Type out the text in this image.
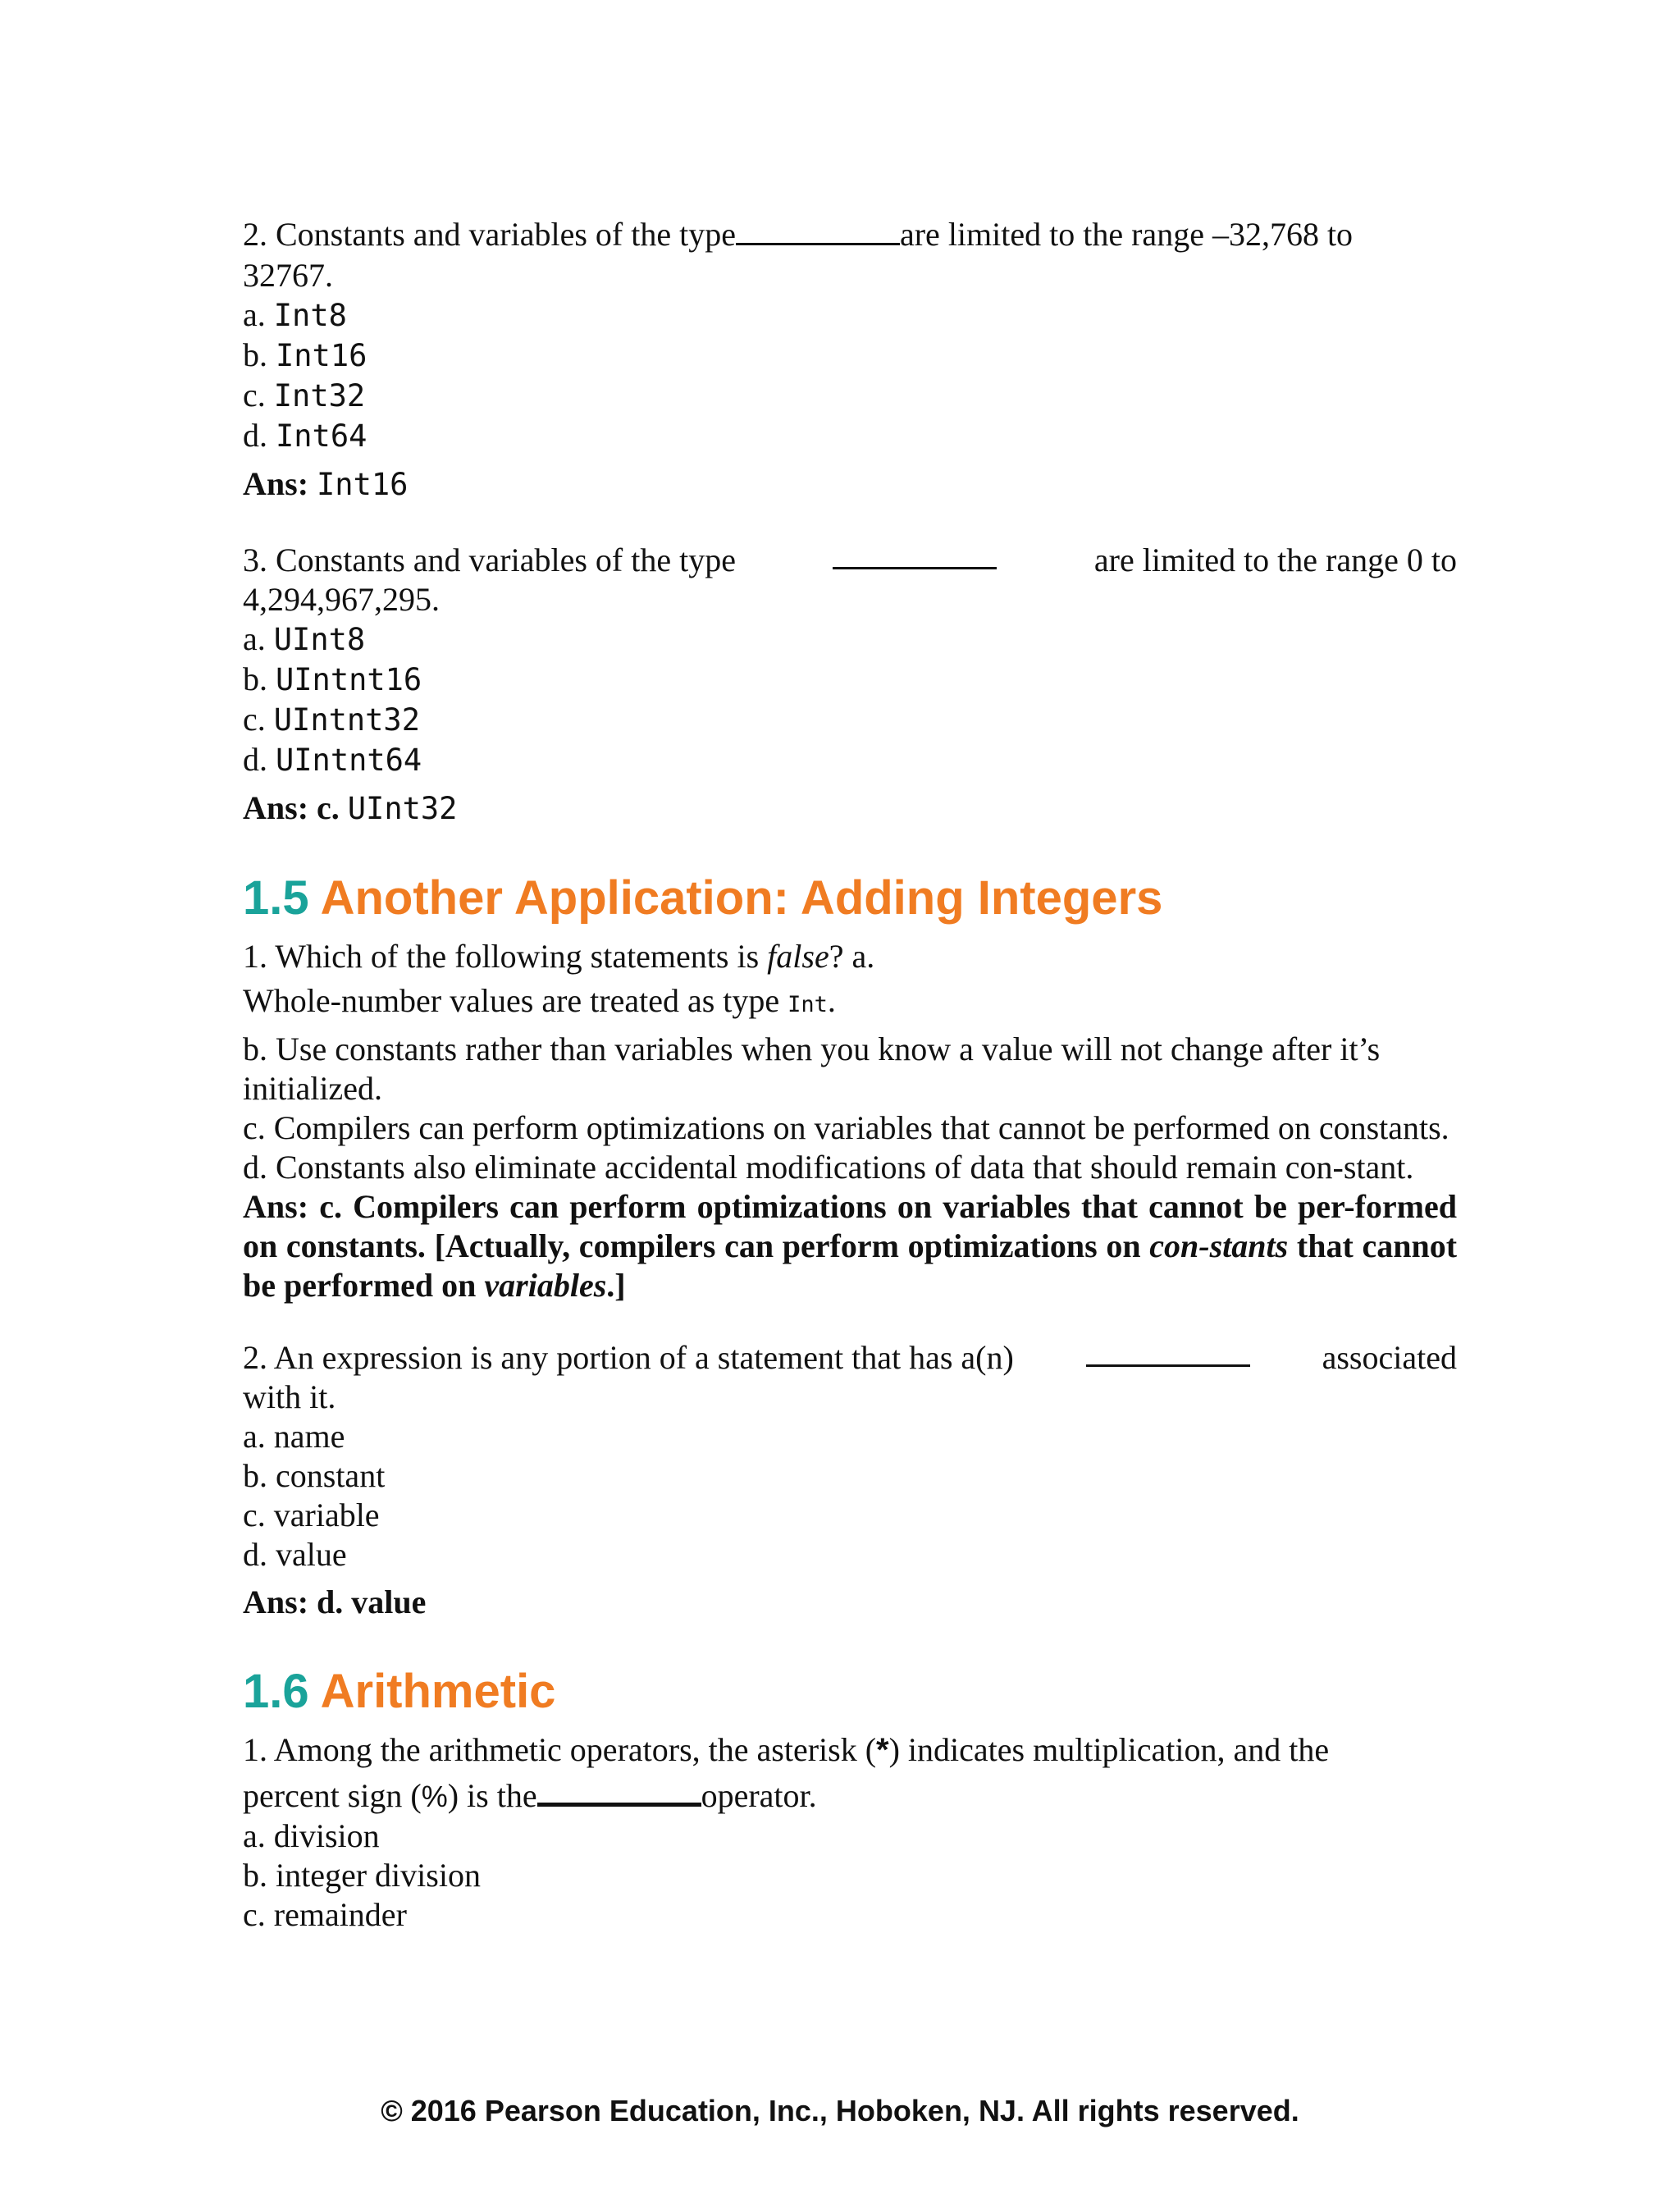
2. Constants and variables of the type	are limited to the range –32,768 to

32767.

a. Int8

b. Int16

c. Int32

d. Int64

Ans: Int16

3. Constants and variables of the type	are limited to the range 0 to

4,294,967,295.

a. UInt8

b. UIntnt16

c. UIntnt32

d. UIntnt64

Ans: c. UInt32

1.5 Another Application: Adding Integers

1. Which of the following statements is false? a.

Whole-number values are treated as type Int.

b. Use constants rather than variables when you know a value will not change after it’s initialized.

c. Compilers can perform optimizations on variables that cannot be performed on constants.

d. Constants also eliminate accidental modifications of data that should remain con-stant.

Ans: c. Compilers can perform optimizations on variables that cannot be per-formed on constants. [Actually, compilers can perform optimizations on con-stants that cannot be performed on variables.]

2. An expression is any portion of a statement that has a(n)	associated

with it.

a. name

b. constant

c. variable

d. value

Ans: d. value

1.6 Arithmetic

1. Among the arithmetic operators, the asterisk (*) indicates multiplication, and the

percent sign (%) is the	operator.

a. division

b. integer division

c. remainder

© 2016 Pearson Education, Inc., Hoboken, NJ. All rights reserved.
